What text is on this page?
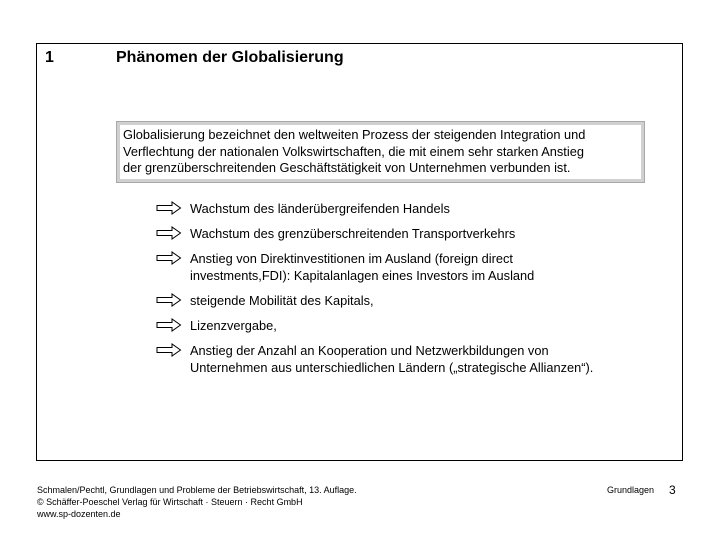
1	Phänomen der Globalisierung
Globalisierung bezeichnet den weltweiten Prozess der steigenden Integration und
Verflechtung der nationalen Volkswirtschaften, die mit einem sehr starken Anstieg
der grenzüberschreitenden Geschäftstätigkeit von Unternehmen verbunden ist.
Wachstum des länderübergreifenden Handels
Wachstum des grenzüberschreitenden Transportverkehrs
Anstieg von Direktinvestitionen im Ausland (foreign direct
investments,FDI): Kapitalanlagen eines Investors im Ausland
steigende Mobilität des Kapitals,
Lizenzvergabe,
Anstieg der Anzahl an Kooperation und Netzwerkbildungen von
Unternehmen aus unterschiedlichen Ländern („strategische Allianzen“).
Schmalen/Pechtl, Grundlagen und Probleme der Betriebswirtschaft, 13. Auflage.
© Schäffer-Poeschel Verlag für Wirtschaft · Steuern · Recht GmbH
www.sp-dozenten.de
Grundlagen 3
